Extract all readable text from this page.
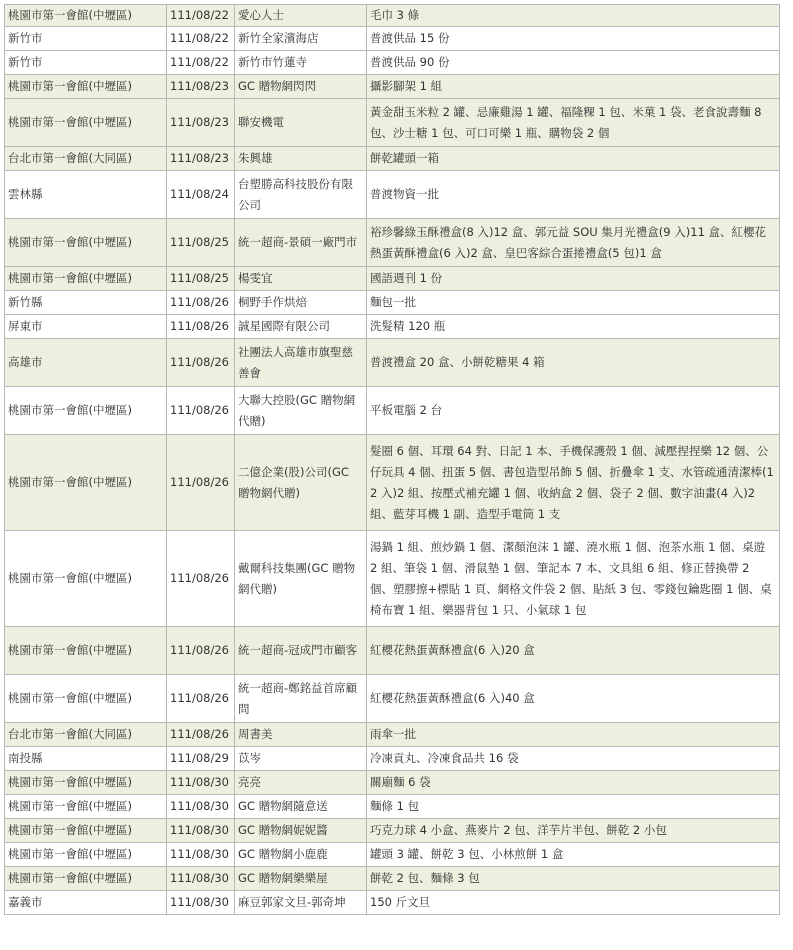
桃園市第一會館(中壢區)	111/08/22	愛心人士	毛巾 3 條
新竹市	111/08/22	新竹全家濱海店	普渡供品 15 份
新竹市	111/08/22	新竹市竹蓮寺	普渡供品 90 份
桃園市第一會館(中壢區)	111/08/23	GC 贈物網閃閃	攝影腳架 1 組
桃園市第一會館(中壢區)	111/08/23	聯安機電	黃金甜玉米粒 2 罐、忌廉雞湯 1 罐、福隆粿 1 包、米菓 1 袋、老食說壽麵 8 包、沙士糖 1 包、可口可樂 1 瓶、購物袋 2 個
台北市第一會館(大同區)	111/08/23	朱興雄	餅乾罐頭一箱
雲林縣	111/08/24	台塑勝高科技股份有限公司	普渡物資一批
桃園市第一會館(中壢區)	111/08/25	統一超商-景碩一廠門市	裕珍馨綠玉酥禮盒(8 入)12 盒、郭元益 SOU 集月光禮盒(9 入)11 盒、紅櫻花熱蛋黃酥禮盒(6 入)2 盒、皇巴客綜合蛋捲禮盒(5 包)1 盒
桃園市第一會館(中壢區)	111/08/25	楊雯宜	國語週刊 1 份
新竹縣	111/08/26	桐野手作烘焙	麵包一批
屏東市	111/08/26	誠星國際有限公司	洗髮精 120 瓶
高雄市	111/08/26	社團法人高雄市旗聖慈善會	普渡禮盒 20 盒、小餅乾糖果 4 箱
桃園市第一會館(中壢區)	111/08/26	大聯大控股(GC 贈物網代贈)	平板電腦 2 台
桃園市第一會館(中壢區)	111/08/26	二億企業(股)公司(GC 贈物網代贈)	髮圈 6 個、耳環 64 對、日記 1 本、手機保護殼 1 個、減壓捏捏樂 12 個、公仔玩具 4 個、扭蛋 5 個、書包造型吊飾 5 個、折疊傘 1 支、水管疏通清潔棒(12 入)2 組、按壓式補充罐 1 個、收納盒 2 個、袋子 2 個、數字油畫(4 入)2 組、藍芽耳機 1 副、造型手電筒 1 支
桃園市第一會館(中壢區)	111/08/26	戴爾科技集團(GC 贈物網代贈)	湯鍋 1 組、煎炒鍋 1 個、潔顏泡沫 1 罐、澆水瓶 1 個、泡茶水瓶 1 個、桌遊 2 組、筆袋 1 個、滑鼠墊 1 個、筆記本 7 本、文具組 6 組、修正替換帶 2 個、塑膠擦+標貼 1 頁、網格文件袋 2 個、貼紙 3 包、零錢包鑰匙圈 1 個、桌椅布寶 1 組、樂器背包 1 只、小氣球 1 包
桃園市第一會館(中壢區)	111/08/26	統一超商-冠成門市顧客	紅櫻花熱蛋黃酥禮盒(6 入)20 盒
桃園市第一會館(中壢區)	111/08/26	統一超商-鄭銘益首席顧問	紅櫻花熱蛋黃酥禮盒(6 入)40 盒
台北市第一會館(大同區)	111/08/26	周書美	雨傘一批
南投縣	111/08/29	苡岑	冷凍貢丸、冷凍食品共 16 袋
桃園市第一會館(中壢區)	111/08/30	亮亮	關廟麵 6 袋
桃園市第一會館(中壢區)	111/08/30	GC 贈物網隨意送	麵條 1 包
桃園市第一會館(中壢區)	111/08/30	GC 贈物網妮妮醬	巧克力球 4 小盒、燕麥片 2 包、洋芋片半包、餅乾 2 小包
桃園市第一會館(中壢區)	111/08/30	GC 贈物網小鹿鹿	罐頭 3 罐、餅乾 3 包、小林煎餅 1 盒
桃園市第一會館(中壢區)	111/08/30	GC 贈物網樂樂屋	餅乾 2 包、麵條 3 包
嘉義市	111/08/30	麻豆郭家文旦-郭奇坤	150 斤文旦
